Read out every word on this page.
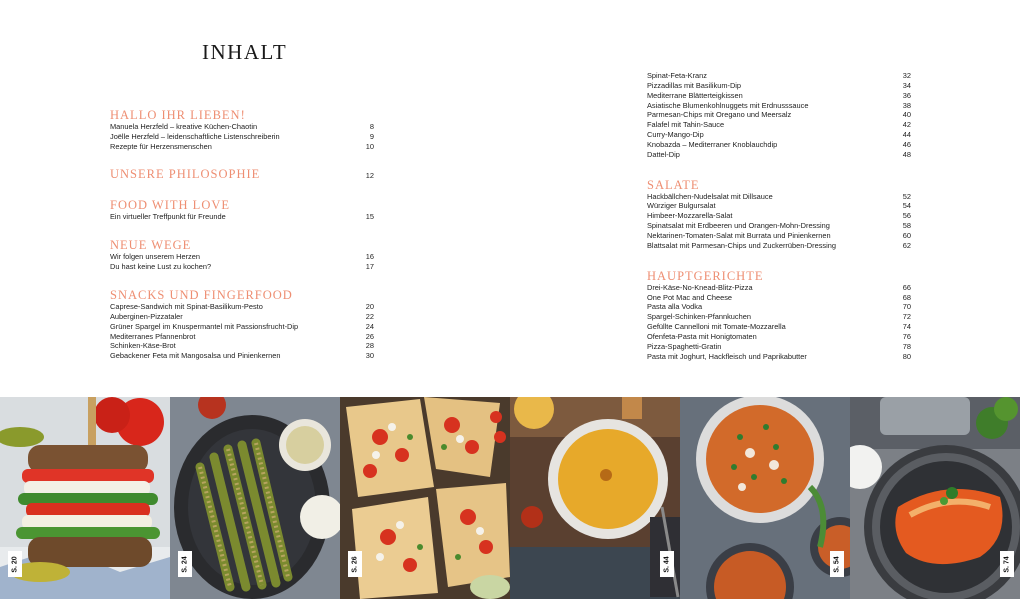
INHALT
HALLO IHR LIEBEN!
Manuela Herzfeld – kreative Küchen-Chaotin	8
Joëlle Herzfeld – leidenschaftliche Listenschreiberin	9
Rezepte für Herzensmenschen	10
UNSERE PHILOSOPHIE	12
FOOD WITH LOVE
Ein virtueller Treffpunkt für Freunde	15
NEUE WEGE
Wir folgen unserem Herzen	16
Du hast keine Lust zu kochen?	17
SNACKS UND FINGERFOOD
Caprese-Sandwich mit Spinat-Basilikum-Pesto	20
Auberginen-Pizzataler	22
Grüner Spargel im Knuspermantel mit Passionsfrucht-Dip	24
Mediterranes Pfannenbrot	26
Schinken-Käse-Brot	28
Gebackener Feta mit Mangosalsa und Pinienkernen	30
Spinat-Feta-Kranz	32
Pizzadillas mit Basilikum-Dip	34
Mediterrane Blätterteigkissen	36
Asiatische Blumenkohlnuggets mit Erdnusssauce	38
Parmesan-Chips mit Oregano und Meersalz	40
Falafel mit Tahin-Sauce	42
Curry-Mango-Dip	44
Knobazda – Mediterraner Knoblauchdip	46
Dattel-Dip	48
SALATE
Hackbällchen-Nudelsalat mit Dillsauce	52
Würziger Bulgursalat	54
Himbeer-Mozzarella-Salat	56
Spinatsalat mit Erdbeeren und Orangen-Mohn-Dressing	58
Nektarinen-Tomaten-Salat mit Burrata und Pinienkernen	60
Blattsalat mit Parmesan-Chips und Zuckerrüben-Dressing	62
HAUPTGERICHTE
Drei-Käse-No-Knead-Blitz-Pizza	66
One Pot Mac and Cheese	68
Pasta alla Vodka	70
Spargel-Schinken-Pfannkuchen	72
Gefüllte Cannelloni mit Tomate-Mozzarella	74
Ofenfeta-Pasta mit Honigtomaten	76
Pizza-Spaghetti-Gratin	78
Pasta mit Joghurt, Hackfleisch und Paprikabutter	80
S. 20	S. 24	S. 26	S. 44	S. 54	S. 74
